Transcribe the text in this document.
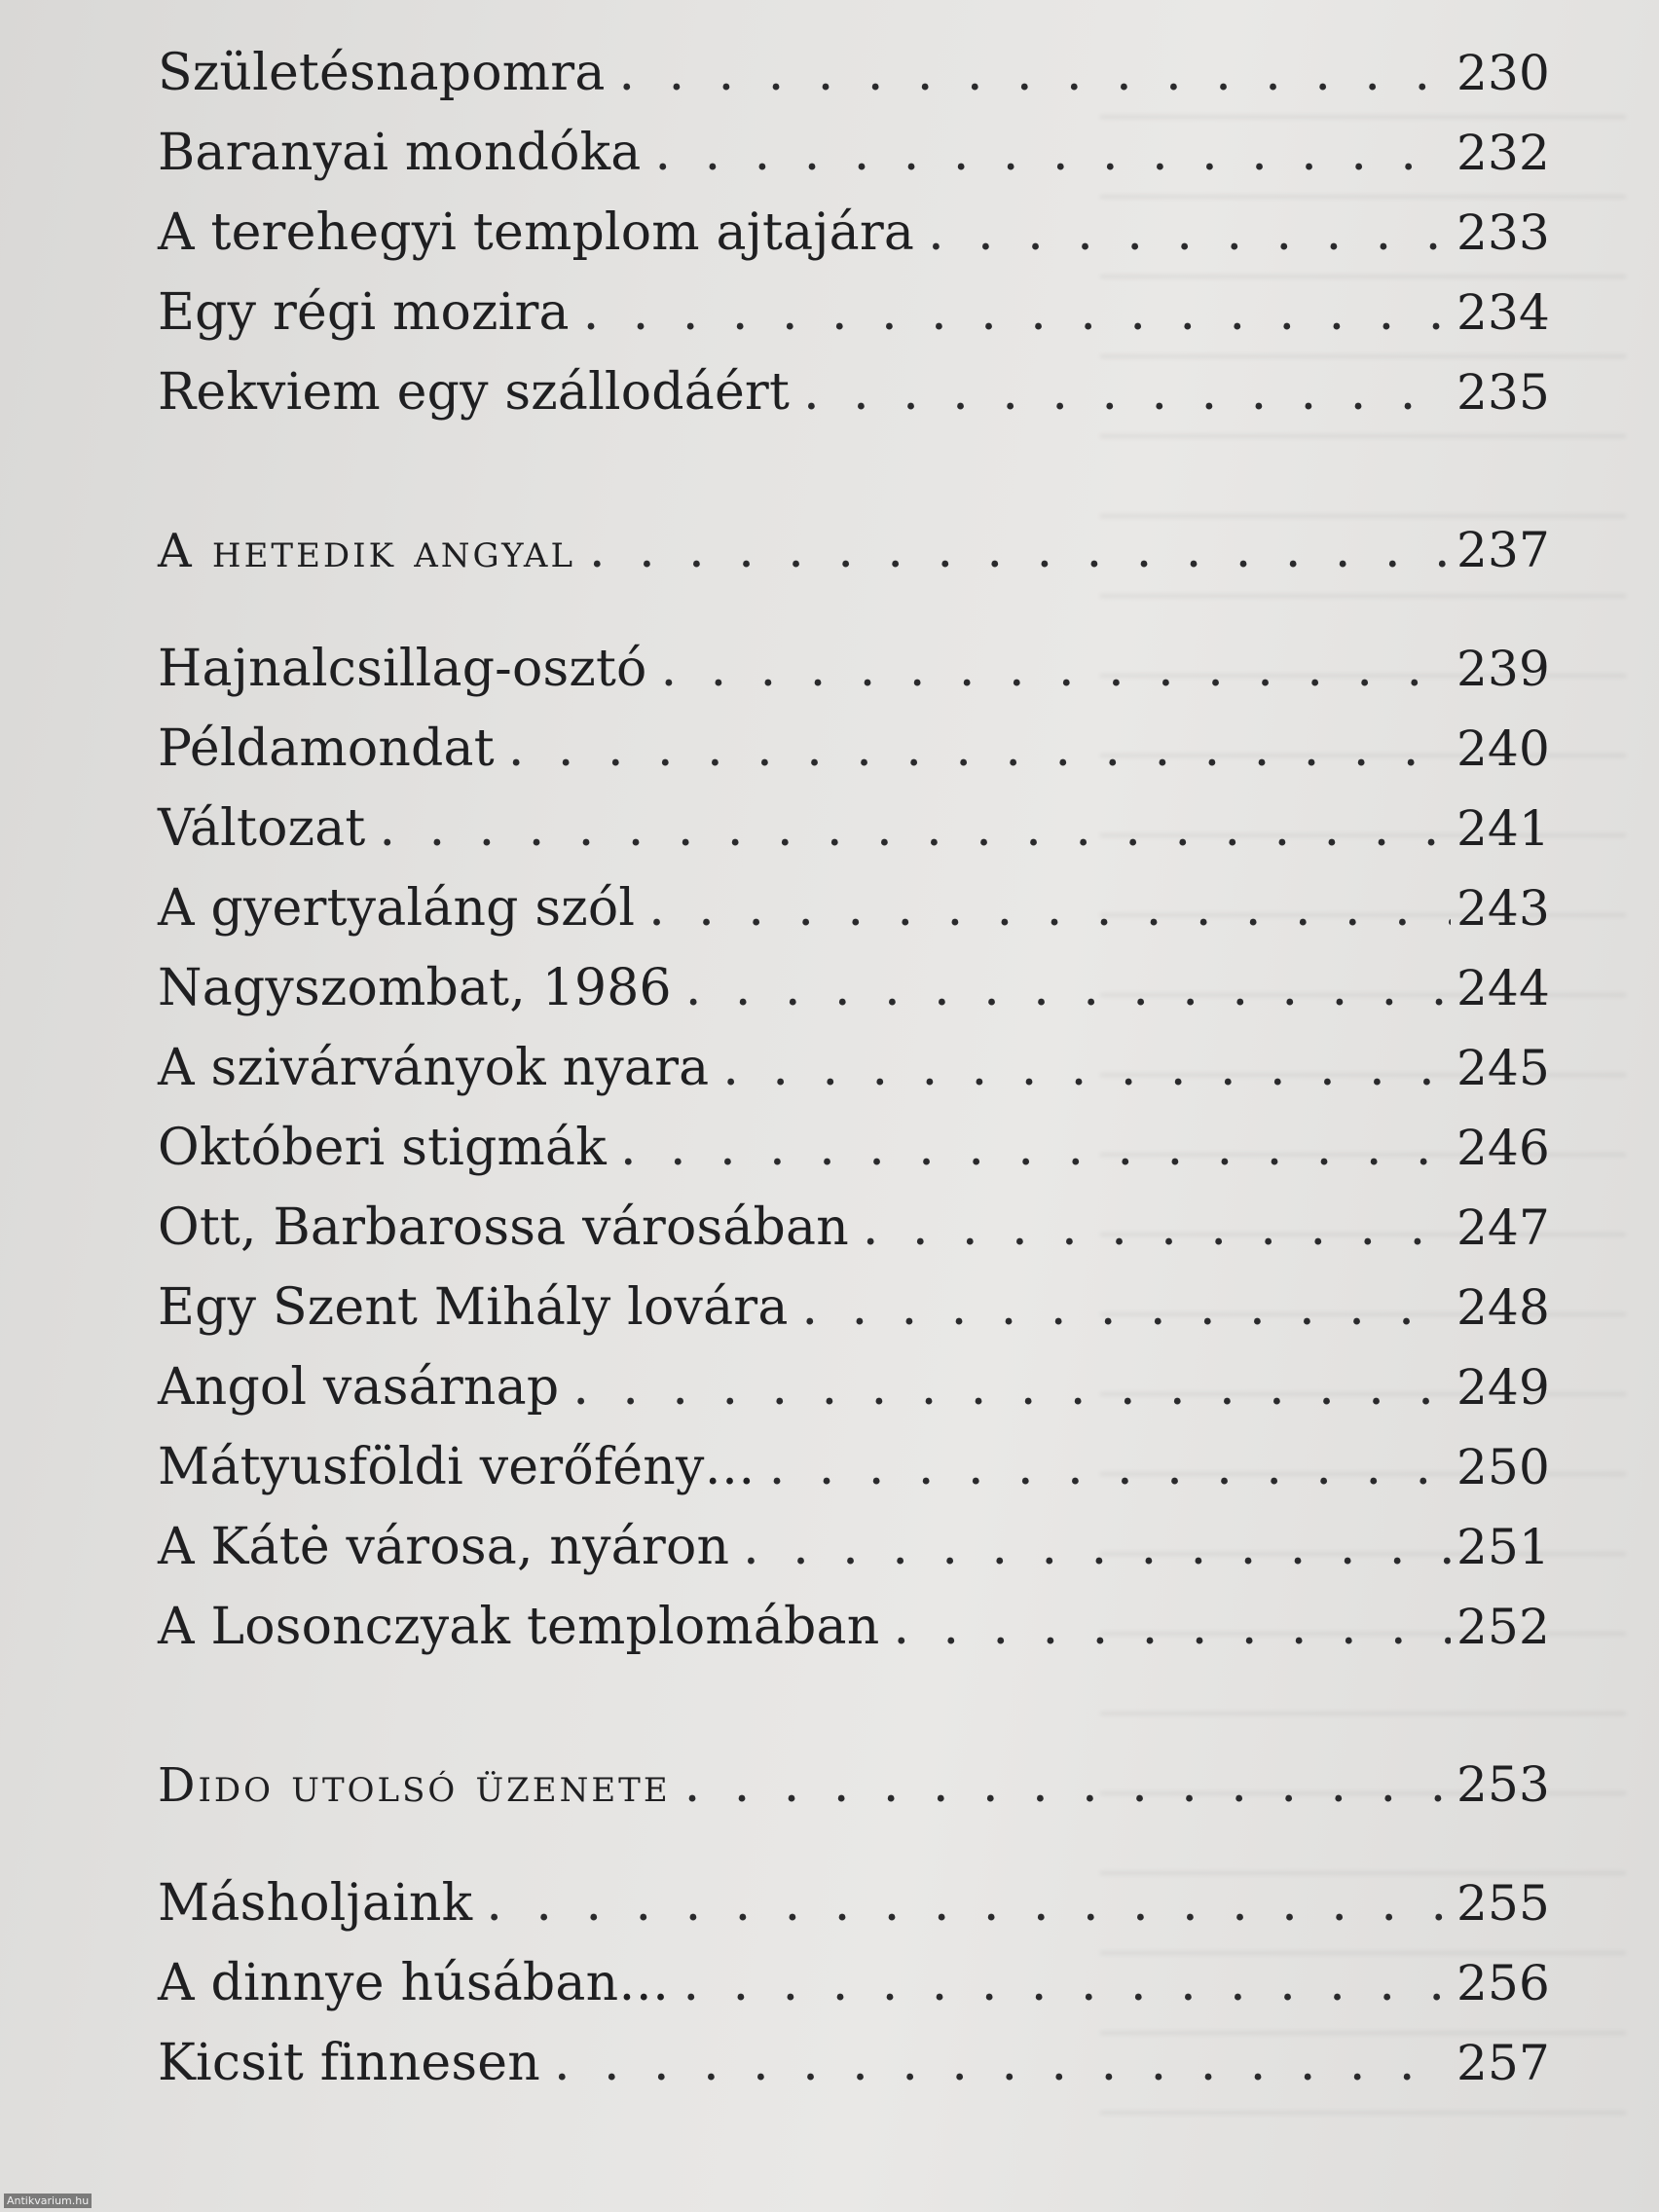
Születésnapomra . . .	230
Baranyai mondóka . . .	232
A terehegyi templom ajtajára . . .	233
Egy régi mozira . . .	234
Rekviem egy szállodáért . . .	235
A hetedik angyal . . .	237
Hajnalcsillag-osztó . . .	239
Példamondat . . .	240
Változat . . .	241
A gyertyaláng szól . . .	243
Nagyszombat, 1986 . . .	244
A szivárványok nyara . . .	245
Októberi stigmák . . .	246
Ott, Barbarossa városában . . .	247
Egy Szent Mihály lovára . . .	248
Angol vasárnap . . .	249
Mátyusföldi verőfény… . . .	250
A Kátė városa, nyáron . . .	251
A Losonczyak templomában . . .	252
Dido utolsó üzenete . . .	253
Másholjaink . . .	255
A dinnye húsában… . . .	256
Kicsit finnesen . . .	257
Antikvarium.hu
